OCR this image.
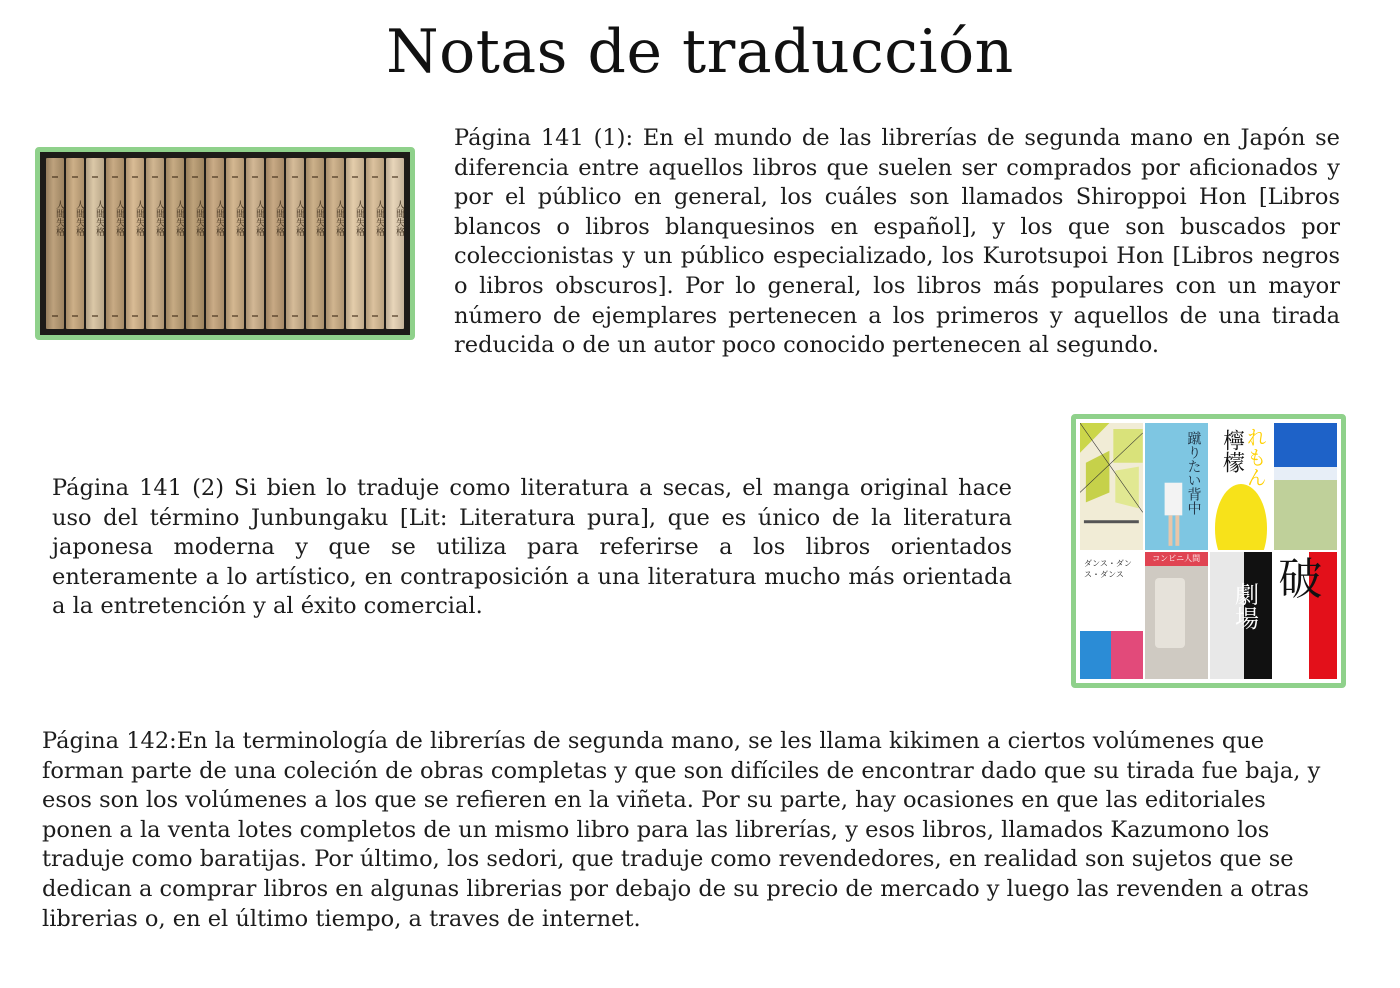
Notas de traducción
人間失格	人間失格	人間失格	人間失格	人間失格	人間失格	人間失格	人間失格	人間失格	人間失格	人間失格	人間失格	人間失格	人間失格	人間失格	人間失格	人間失格	人間失格
Página 141 (1): En el mundo de las librerías de segunda mano en Japón se diferencia entre aquellos libros que suelen ser comprados por aficionados y por el público en general, los cuáles son llamados Shiroppoi Hon [Libros blancos o libros blanquesinos en español], y los que son buscados por coleccionistas y un público especializado, los Kurotsupoi Hon [Libros negros o libros obscuros]. Por lo general, los libros más populares con un mayor número de ejemplares pertenecen a los primeros y aquellos de una tirada reducida o de un autor poco conocido pertenecen al segundo.
蹴りたい背中 れもん
檸檬
ダンス・ダンス・ダンス
コンビニ人間
劇場
破
Página 141 (2) Si bien lo traduje como literatura a secas, el manga original hace uso del término Junbungaku [Lit: Literatura pura], que es único de la literatura japonesa moderna y que se utiliza para referirse a los libros orientados enteramente a lo artístico, en contraposición a una literatura mucho más orientada a la entretención y al éxito comercial.
Página 142:En la terminología de librerías de segunda mano, se les llama kikimen a ciertos volúmenes que forman parte de una coleción de obras completas y que son difíciles de encontrar dado que su tirada fue baja, y esos son los volúmenes a los que se refieren en la viñeta. Por su parte, hay ocasiones en que las editoriales ponen a la venta lotes completos de un mismo libro para las librerías, y esos libros, llamados Kazumono los traduje como baratijas. Por último, los sedori, que traduje como revendedores, en realidad son sujetos que se dedican a comprar libros en algunas librerias por debajo de su precio de mercado y luego las revenden a otras librerias o, en el último tiempo, a traves de internet.
